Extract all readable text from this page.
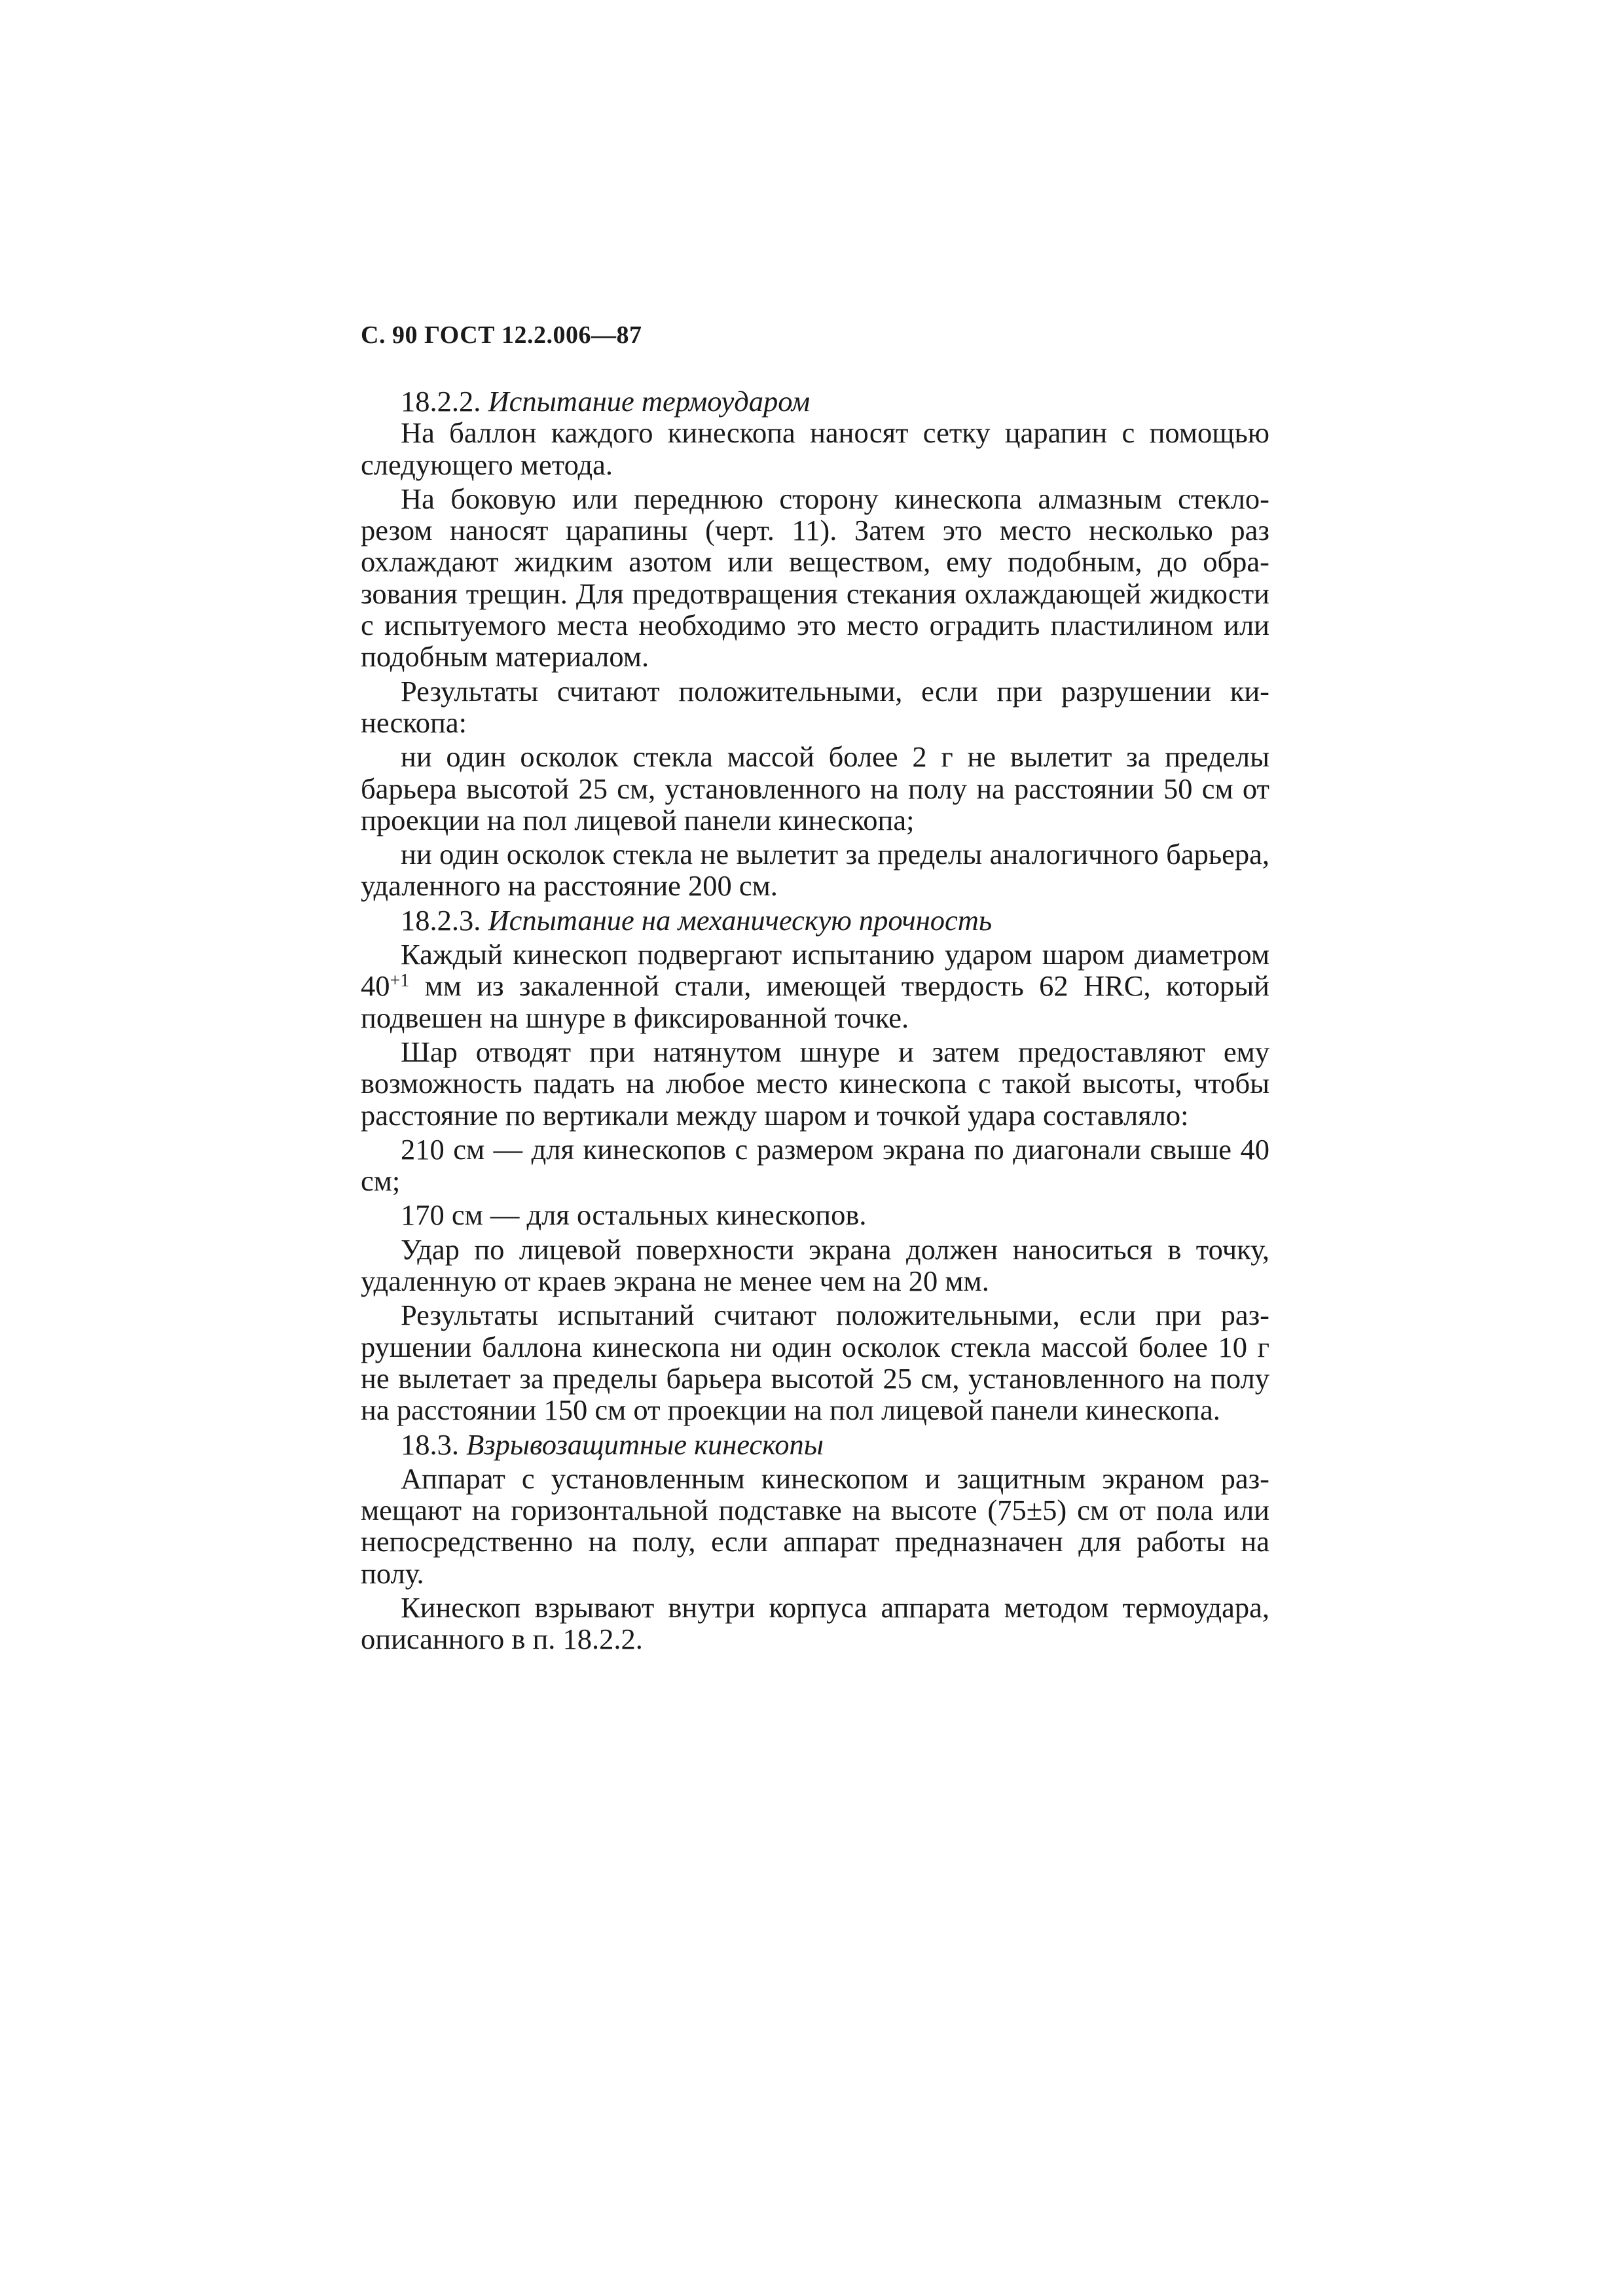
С. 90 ГОСТ 12.2.006—87

18.2.2. Испытание термоударом

На баллон каждого кинескопа наносят сетку царапин с помощью следующего метода.

На боковую или переднюю сторону кинескопа алмазным стеклорезом наносят царапины (черт. 11). Затем это место несколько раз охлаждают жидким азотом или веществом, ему подобным, до образования трещин. Для предотвращения стекания охлаждающей жидкости с испытуемого места необходимо это место оградить пластилином или подобным материалом.

Результаты считают положительными, если при разрушении кинескопа:

ни один осколок стекла массой более 2 г не вылетит за пределы барьера высотой 25 см, установленного на полу на расстоянии 50 см от проекции на пол лицевой панели кинескопа;

ни один осколок стекла не вылетит за пределы аналогичного барьера, удаленного на расстояние 200 см.

18.2.3. Испытание на механическую прочность

Каждый кинескоп подвергают испытанию ударом шаром диаметром $40^{+1}$ мм из закаленной стали, имеющей твердость 62 HRC, который подвешен на шнуре в фиксированной точке.

Шар отводят при натянутом шнуре и затем предоставляют ему возможность падать на любое место кинескопа с такой высоты, чтобы расстояние по вертикали между шаром и точкой удара составляло:

210 см — для кинескопов с размером экрана по диагонали свыше 40 см;

170 см — для остальных кинескопов.

Удар по лицевой поверхности экрана должен наноситься в точку, удаленную от краев экрана не менее чем на 20 мм.

Результаты испытаний считают положительными, если при разрушении баллона кинескопа ни один осколок стекла массой более 10 г не вылетает за пределы барьера высотой 25 см, установленного на полу на расстоянии 150 см от проекции на пол лицевой панели кинескопа.

18.3. Взрывозащитные кинескопы

Аппарат с установленным кинескопом и защитным экраном размещают на горизонтальной подставке на высоте (75±5) см от пола или непосредственно на полу, если аппарат предназначен для работы на полу.

Кинескоп взрывают внутри корпуса аппарата методом термоудара, описанного в п. 18.2.2.
